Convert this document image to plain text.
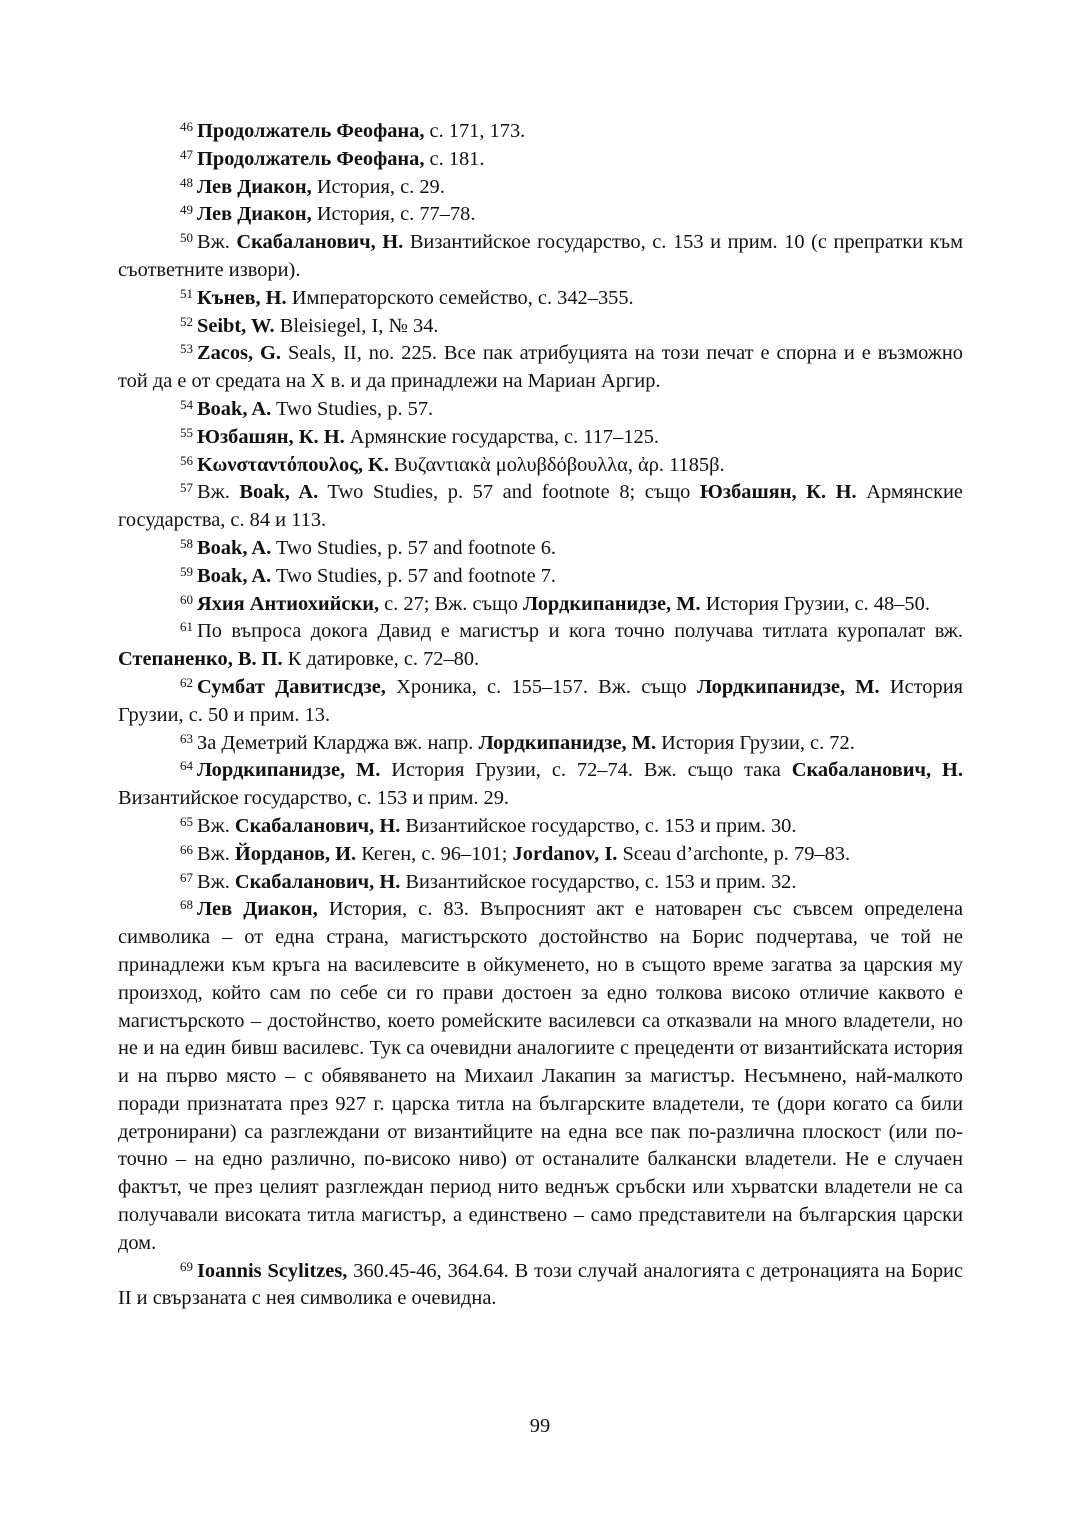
$^{46}$ Продолжатель Феофана, с. 171, 173.

$^{47}$ Продолжатель Феофана, с. 181.

$^{48}$ Лев Диакон, История, с. 29.

$^{49}$ Лев Диакон, История, с. 77–78.

$^{50}$ Вж. Скабаланович, Н. Византийское государство, с. 153 и прим. 10 (с препратки към съответните извори).

$^{51}$ Кънев, Н. Императорското семейство, с. 342–355.

$^{52}$ Seibt, W. Bleisiegel, I, № 34.

$^{53}$ Zacos, G. Seals, II, no. 225. Все пак атрибуцията на този печат е спорна и е възможно той да е от средата на X в. и да принадлежи на Мариан Аргир.

$^{54}$ Boak, A. Two Studies, p. 57.

$^{55}$ Юзбашян, К. Н. Армянские государства, с. 117–125.

$^{56}$ Κωνσταντόπουλος, Κ. Βυζαντιακὰ μολυβδόβουλλα, ἀρ. 1185β.

$^{57}$ Вж. Boak, A. Two Studies, p. 57 and footnote 8; също Юзбашян, К. Н. Армянские государства, с. 84 и 113.

$^{58}$ Boak, A. Two Studies, p. 57 and footnote 6.

$^{59}$ Boak, A. Two Studies, p. 57 and footnote 7.

$^{60}$ Яхия Антиохийски, с. 27; Вж. също Лордкипанидзе, М. История Грузии, с. 48–50.

$^{61}$ По въпроса докога Давид е магистър и кога точно получава титлата куропалат вж. Степаненко, В. П. К датировке, с. 72–80.

$^{62}$ Сумбат Давитисдзе, Хроника, с. 155–157. Вж. също Лордкипанидзе, М. История Грузии, с. 50 и прим. 13.

$^{63}$ За Деметрий Кларджа вж. напр. Лордкипанидзе, М. История Грузии, с. 72.

$^{64}$ Лордкипанидзе, М. История Грузии, с. 72–74. Вж. също така Скабаланович, Н. Византийское государство, с. 153 и прим. 29.

$^{65}$ Вж. Скабаланович, Н. Византийское государство, с. 153 и прим. 30.

$^{66}$ Вж. Йорданов, И. Кеген, с. 96–101; Jordanov, I. Sceau d’archonte, p. 79–83.

$^{67}$ Вж. Скабаланович, Н. Византийское государство, с. 153 и прим. 32.

$^{68}$ Лев Диакон, История, с. 83. Въпросният акт е натоварен със съвсем определена символика – от една страна, магистърското достойнство на Борис подчертава, че той не принадлежи към кръга на василевсите в ойкуменето, но в същото време загатва за царския му произход, който сам по себе си го прави достоен за едно толкова високо отличие каквото е магистърското – достойнство, което ромейските василевси са отказвали на много владетели, но не и на един бивш василевс. Тук са очевидни аналогиите с прецеденти от византийската история и на първо място – с обявяването на Михаил Лакапин за магистър. Несъмнено, най-малкото поради признатата през 927 г. царска титла на българските владетели, те (дори когато са били детронирани) са разглеждани от византийците на една все пак по-различна плоскост (или по-точно – на едно различно, по-високо ниво) от останалите балкански владетели. Не е случаен фактът, че през целият разглеждан период нито веднъж сръбски или хърватски владетели не са получавали високата титла магистър, а единствено – само представители на българския царски дом.

$^{69}$ Ioannis Scylitzes, 360.45-46, 364.64. В този случай аналогията с детронацията на Борис II и свързаната с нея символика е очевидна.

99
